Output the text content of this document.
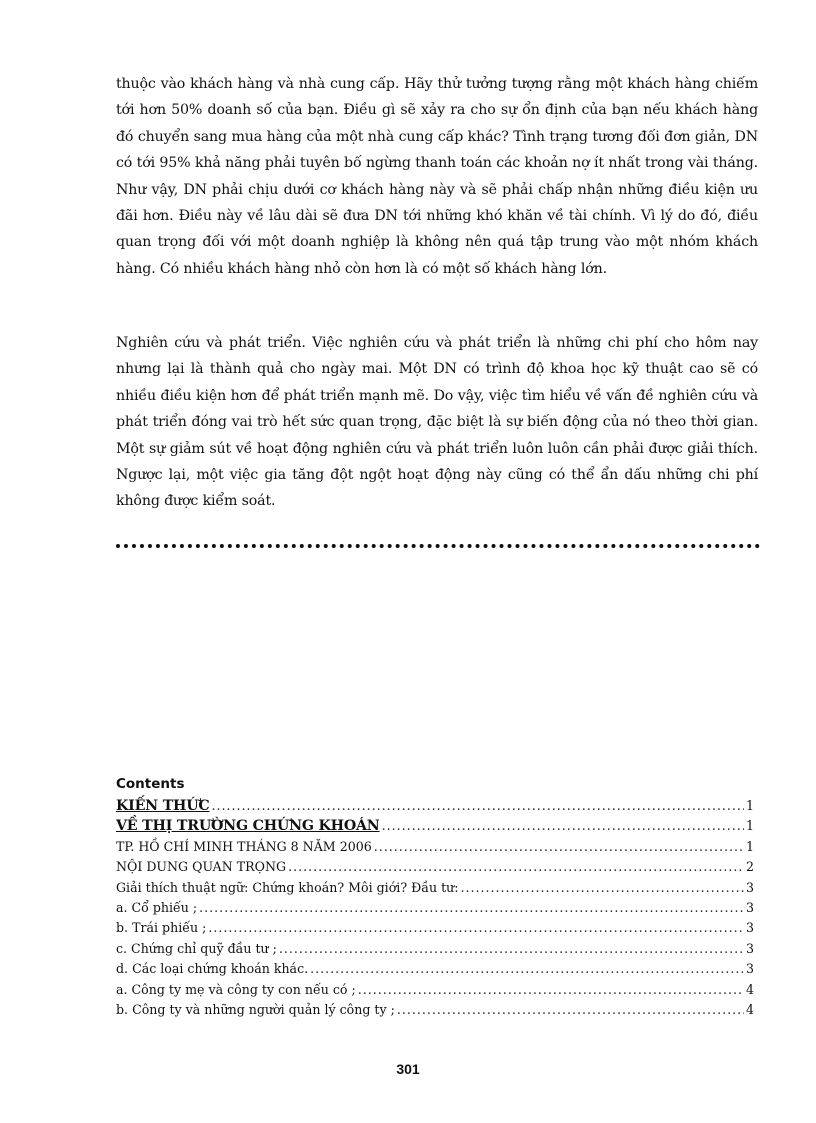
thuộc vào khách hàng và nhà cung cấp. Hãy thử tưởng tượng rằng một khách hàng chiếm tới hơn 50% doanh số của bạn. Điều gì sẽ xảy ra cho sự ổn định của bạn nếu khách hàng đó chuyển sang mua hàng của một nhà cung cấp khác? Tình trạng tương đối đơn giản, DN có tới 95% khả năng phải tuyên bố ngừng thanh toán các khoản nợ ít nhất trong vài tháng. Như vậy, DN phải chịu dưới cơ khách hàng này và sẽ phải chấp nhận những điều kiện ưu đãi hơn. Điều này về lâu dài sẽ đưa DN tới những khó khăn về tài chính. Vì lý do đó, điều quan trọng đối với một doanh nghiệp là không nên quá tập trung vào một nhóm khách hàng. Có nhiều khách hàng nhỏ còn hơn là có một số khách hàng lớn.

Nghiên cứu và phát triển. Việc nghiên cứu và phát triển là những chi phí cho hôm nay nhưng lại là thành quả cho ngày mai. Một DN có trình độ khoa học kỹ thuật cao sẽ có nhiều điều kiện hơn để phát triển mạnh mẽ. Do vậy, việc tìm hiểu về vấn đề nghiên cứu và phát triển đóng vai trò hết sức quan trọng, đặc biệt là sự biến động của nó theo thời gian. Một sự giảm sút về hoạt động nghiên cứu và phát triển luôn luôn cần phải được giải thích. Ngược lại, một việc gia tăng đột ngột hoạt động này cũng có thể ẩn dấu những chi phí không được kiểm soát.

Contents
KIẾN THỨC .....	1
VỀ THỊ TRƯỜNG CHỨNG KHOÁN .....	1
TP. HỒ CHÍ MINH THÁNG 8 NĂM 2006 .....	1
NỘI DUNG QUAN TRỌNG .....	2
Giải thích thuật ngữ: Chứng khoán? Môi giới? Đầu tư: .....	3
a. Cổ phiếu ; .....	3
b. Trái phiếu ; .....	3
c. Chứng chỉ quỹ đầu tư ; .....	3
d. Các loại chứng khoán khác. .....	3
a. Công ty mẹ và công ty con nếu có ; .....	4
b. Công ty và những người quản lý công ty ; .....	4
301
